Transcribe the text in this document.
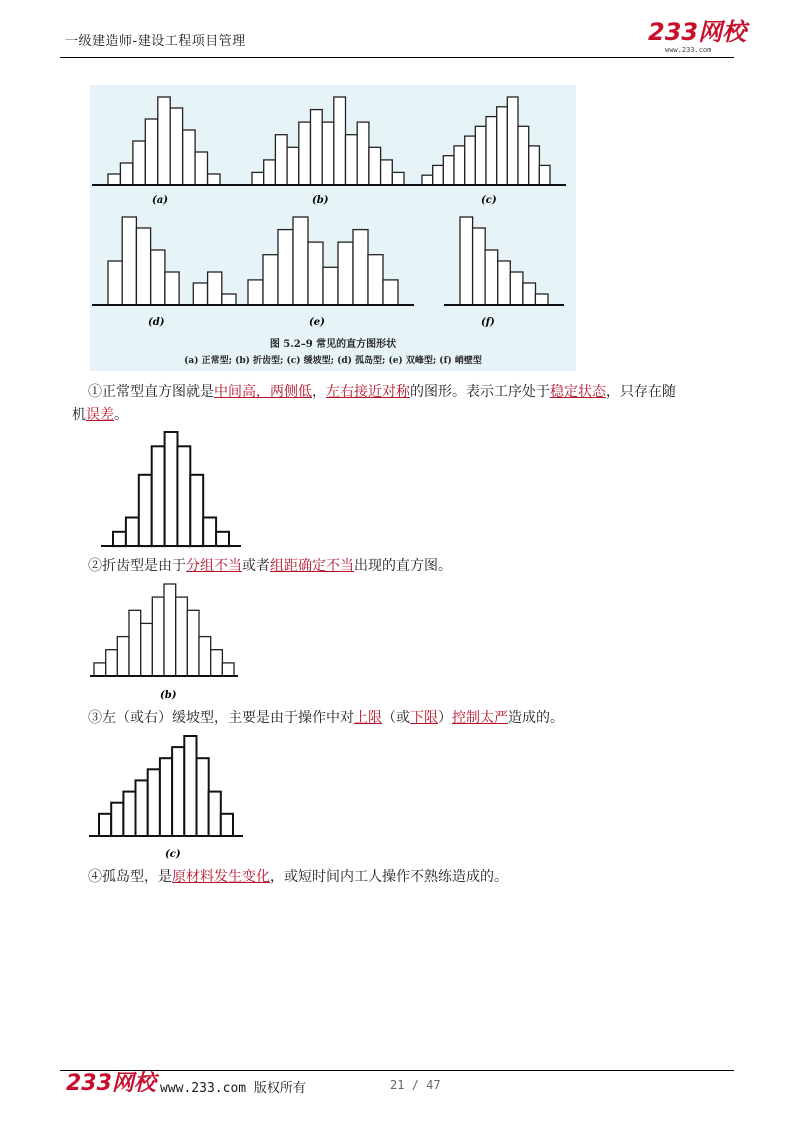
一级建造师-建设工程项目管理	233网校
www.233.com
(a)	(b)	(c)
(d)	(e)	(f)
图 5.2–9 常见的直方图形状
(a) 正常型; (b) 折齿型; (c) 缓坡型; (d) 孤岛型; (e) 双峰型; (f) 峭壁型
①正常型直方图就是中间高，两侧低，左右接近对称的图形。表示工序处于稳定状态，只存在随
机误差。
②折齿型是由于分组不当或者组距确定不当出现的直方图。
(b)
③左（或右）缓坡型，主要是由于操作中对上限（或下限）控制太严造成的。
(c)
④孤岛型，是原材料发生变化，或短时间内工人操作不熟练造成的。
233网校 www.233.com 版权所有	21 / 47
